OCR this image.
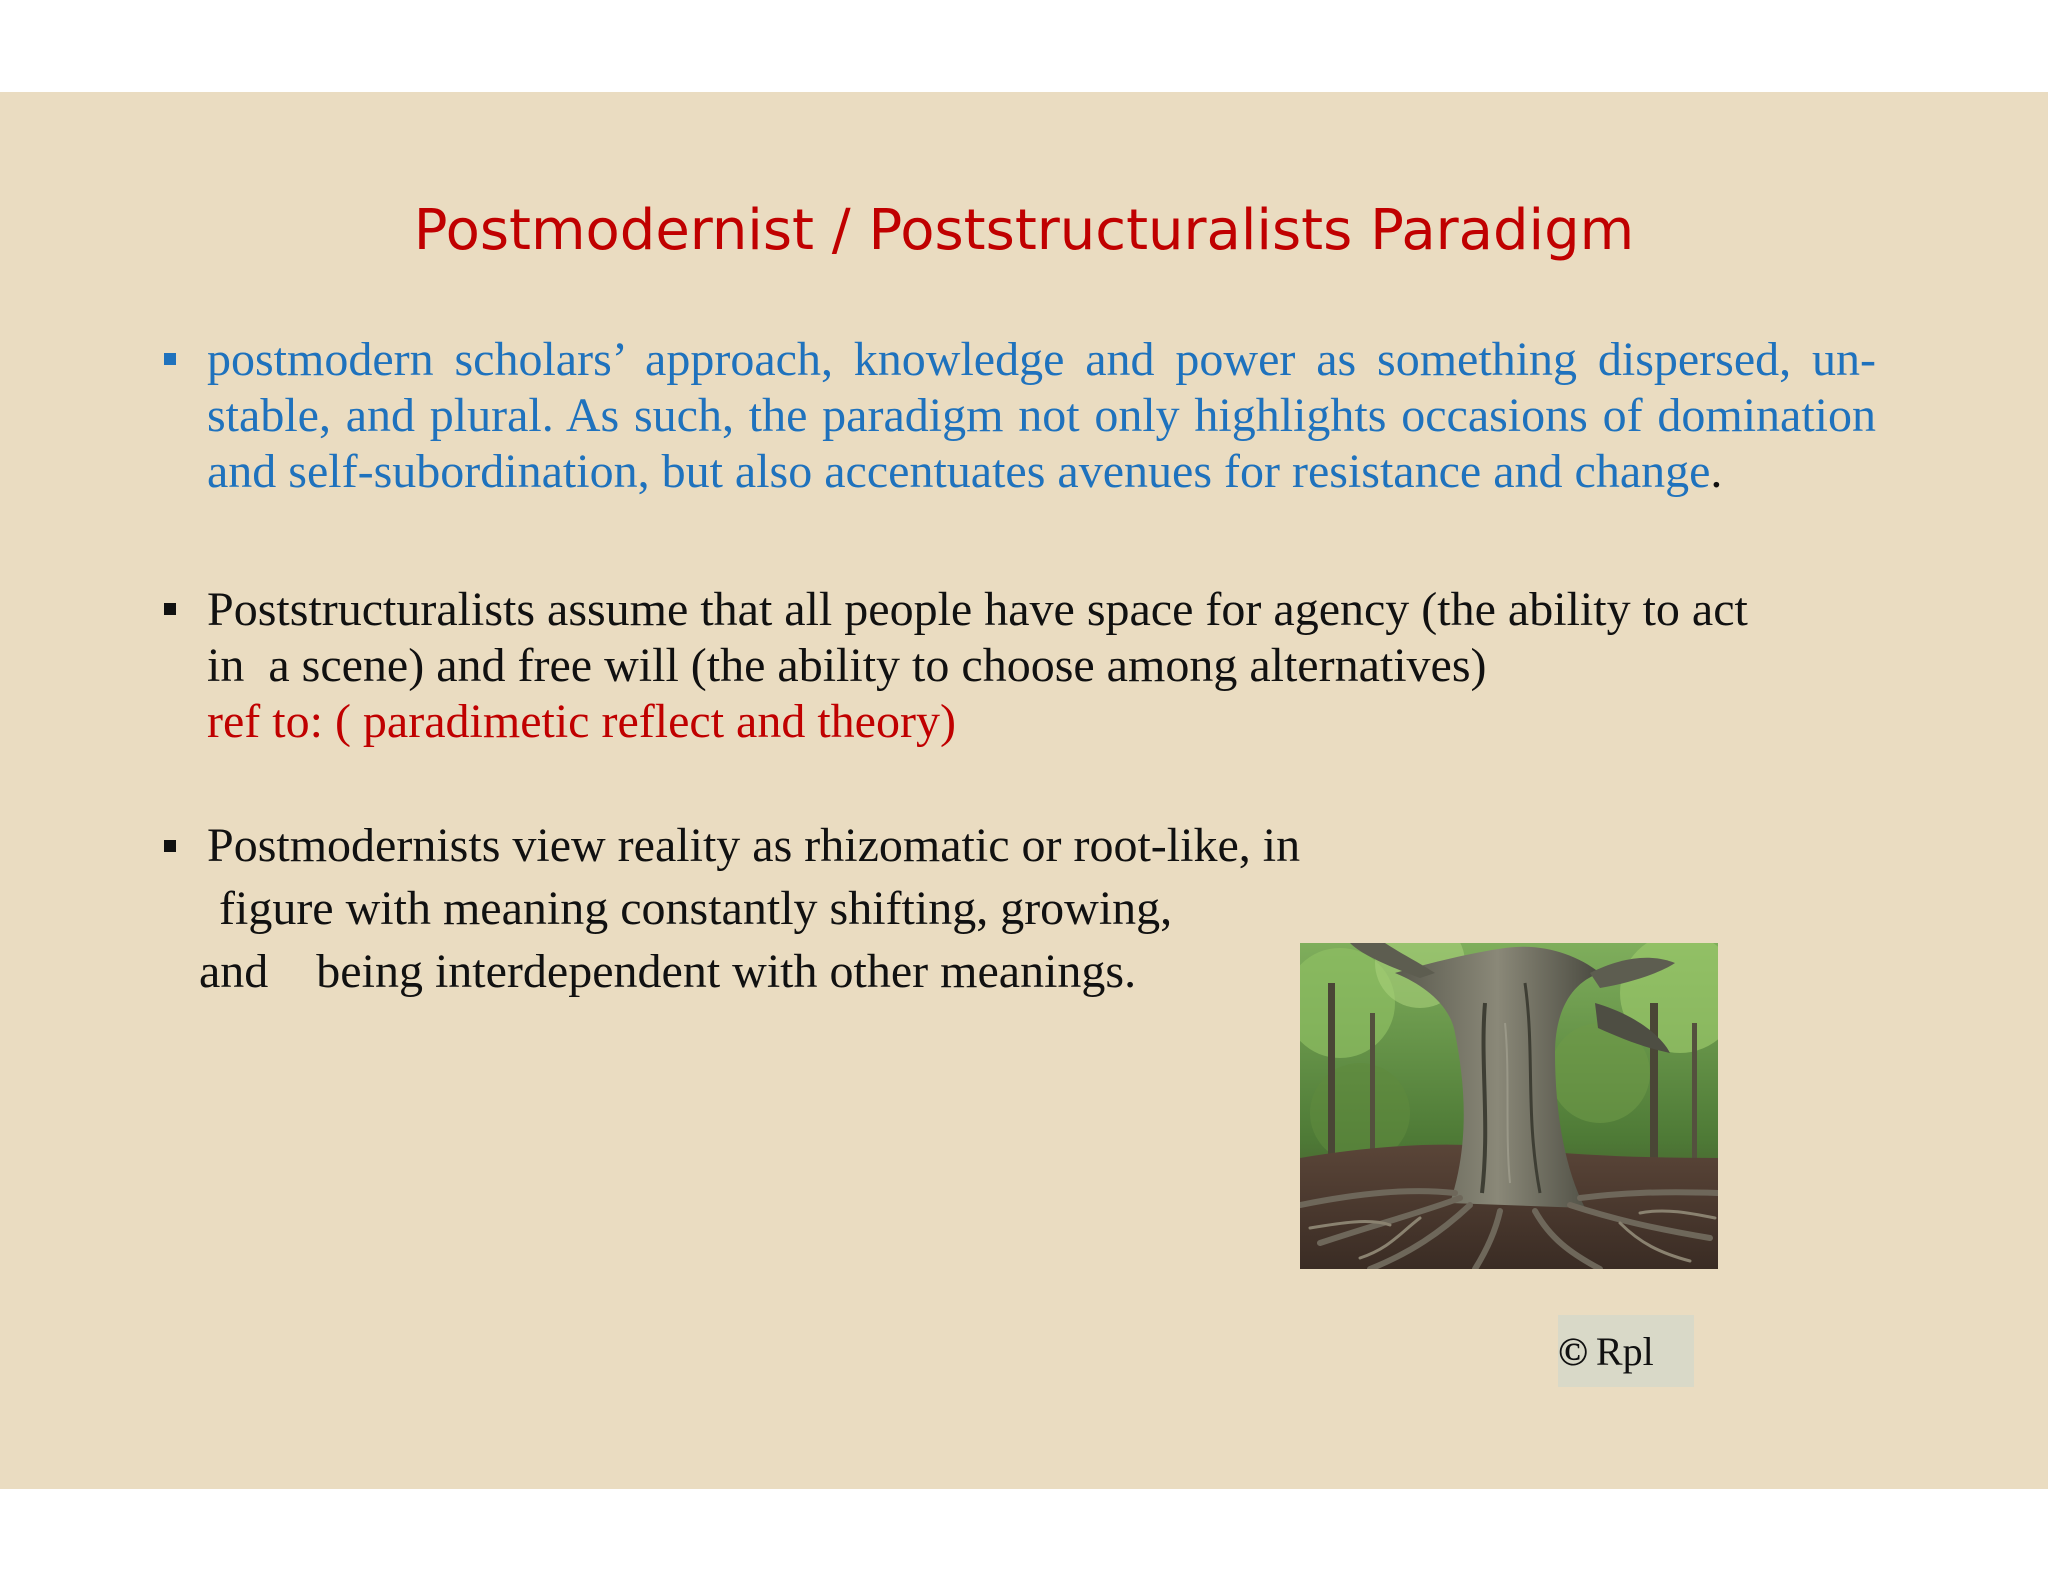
Postmodernist / Poststructuralists Paradigm
postmodern scholars’ approach, knowledge and power as something dispersed, un-stable, and plural. As such, the paradigm not only highlights occasions of domination and self-subordination, but also accentuates avenues for resistance and change.
Poststructuralists assume that all people have space for agency (the ability to act
in  a scene) and free will (the ability to choose among alternatives)
ref to: ( paradimetic reflect and theory)
Postmodernists view reality as rhizomatic or root-like, in
figure with meaning constantly shifting, growing,
and    being interdependent with other meanings.
© Rpl
